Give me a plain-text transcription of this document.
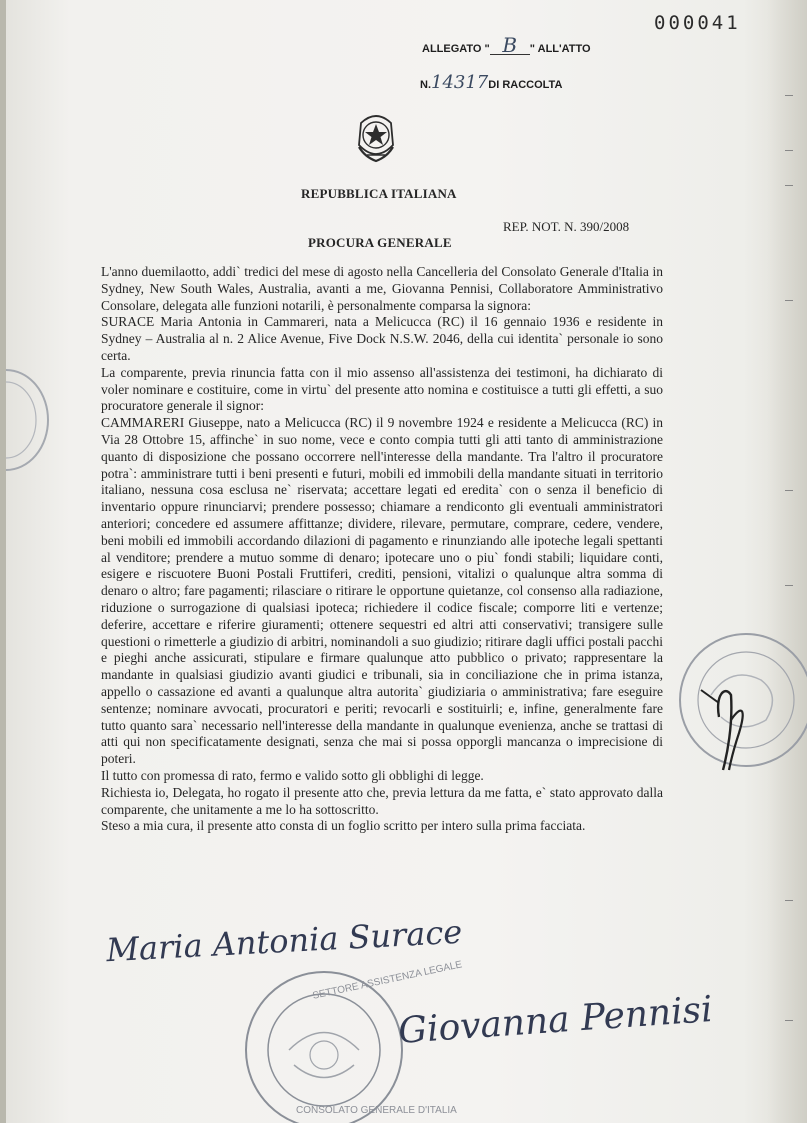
000041
ALLEGATO " B " ALL'ATTO
N.14317DI RACCOLTA
REPUBBLICA ITALIANA
REP. NOT. N. 390/2008
PROCURA GENERALE

L'anno duemilaotto, addi` tredici del mese di agosto nella Cancelleria del Consolato Generale d'Italia in Sydney, New South Wales, Australia, avanti a me, Giovanna Pennisi, Collaboratore Amministrativo Consolare, delegata alle funzioni notarili, è personalmente comparsa la signora:

SURACE Maria Antonia in Cammareri, nata a Melicucca (RC) il 16 gennaio 1936 e residente in Sydney – Australia al n. 2 Alice Avenue, Five Dock N.S.W. 2046, della cui identita` personale io sono certa.

La comparente, previa rinuncia fatta con il mio assenso all'assistenza dei testimoni, ha dichiarato di voler nominare e costituire, come in virtu` del presente atto nomina e costituisce a tutti gli effetti, a suo procuratore generale il signor:

CAMMARERI Giuseppe, nato a Melicucca (RC) il 9 novembre 1924 e residente a Melicucca (RC) in Via 28 Ottobre 15, affinche` in suo nome, vece e conto compia tutti gli atti tanto di amministrazione quanto di disposizione che possano occorrere nell'interesse della mandante. Tra l'altro il procuratore potra`: amministrare tutti i beni presenti e futuri, mobili ed immobili della mandante situati in territorio italiano, nessuna cosa esclusa ne` riservata; accettare legati ed eredita` con o senza il beneficio di inventario oppure rinunciarvi; prendere possesso; chiamare a rendiconto gli eventuali amministratori anteriori; concedere ed assumere affittanze; dividere, rilevare, permutare, comprare, cedere, vendere, beni mobili ed immobili accordando dilazioni di pagamento e rinunziando alle ipoteche legali spettanti al venditore; prendere a mutuo somme di denaro; ipotecare uno o piu` fondi stabili; liquidare conti, esigere e riscuotere Buoni Postali Fruttiferi, crediti, pensioni, vitalizi o qualunque altra somma di denaro o altro; fare pagamenti; rilasciare o ritirare le opportune quietanze, col consenso alla radiazione, riduzione o surrogazione di qualsiasi ipoteca; richiedere il codice fiscale; comporre liti e vertenze; deferire, accettare e riferire giuramenti; ottenere sequestri ed altri atti conservativi; transigere sulle questioni o rimetterle a giudizio di arbitri, nominandoli a suo giudizio; ritirare dagli uffici postali pacchi e pieghi anche assicurati, stipulare e firmare qualunque atto pubblico o privato; rappresentare la mandante in qualsiasi giudizio avanti giudici e tribunali, sia in conciliazione che in prima istanza, appello o cassazione ed avanti a qualunque altra autorita` giudiziaria o amministrativa; fare eseguire sentenze; nominare avvocati, procuratori e periti; revocarli e sostituirli; e, infine, generalmente fare tutto quanto sara` necessario nell'interesse della mandante in qualunque evenienza, anche se trattasi di atti qui non specificatamente designati, senza che mai si possa opporgli mancanza o imprecisione di poteri.

Il tutto con promessa di rato, fermo e valido sotto gli obblighi di legge.

Richiesta io, Delegata, ho rogato il presente atto che, previa lettura da me fatta, e` stato approvato dalla comparente, che unitamente a me lo ha sottoscritto.

Steso a mia cura, il presente atto consta di un foglio scritto per intero sulla prima facciata.

Maria Antonia Surace
SETTORE ASSISTENZA LEGALE
CONSOLATO GENERALE D'ITALIA
Giovanna Pennisi
